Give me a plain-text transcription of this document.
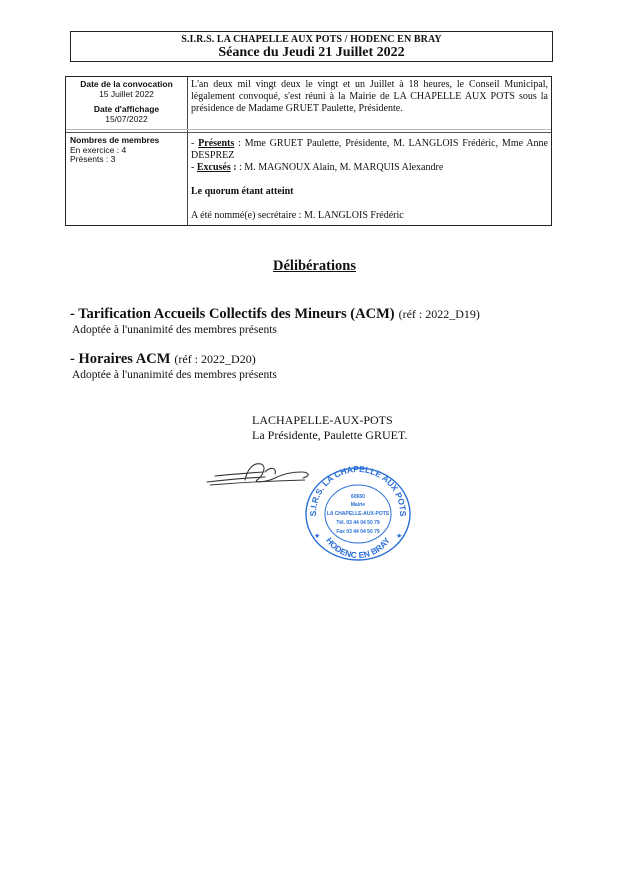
S.I.R.S. LA CHAPELLE AUX POTS / HODENC EN BRAY
Séance du Jeudi 21 Juillet 2022
Date de la convocation
15 Juillet 2022
Date d'affichage
15/07/2022
L'an deux mil vingt deux le vingt et un Juillet à 18 heures, le Conseil Municipal, légalement convoqué, s'est réuni à la Mairie de LA CHAPELLE AUX POTS sous la présidence de Madame GRUET Paulette, Présidente.
Nombres de membres
En exercice : 4
Présents : 3
- Présents : Mme GRUET Paulette, Présidente, M. LANGLOIS Frédéric, Mme Anne DESPREZ
- Excusés : : M. MAGNOUX Alain, M. MARQUIS Alexandre
Le quorum étant atteint
A été nommé(e) secrétaire : M. LANGLOIS Frédéric
Délibérations
- Tarification Accueils Collectifs des Mineurs (ACM) (réf : 2022_D19)
Adoptée à l'unanimité des membres présents
- Horaires ACM (réf : 2022_D20)
Adoptée à l'unanimité des membres présents
LACHAPELLE-AUX-POTS
La Présidente, Paulette GRUET.
S.I.R.S. LA CHAPELLE AUX POTS
HODENC EN BRAY
★	★
60650
Mairie
LA CHAPELLE-AUX-POTS
Tél. 03 44 04 50 79
Fax 03 44 04 50 79
